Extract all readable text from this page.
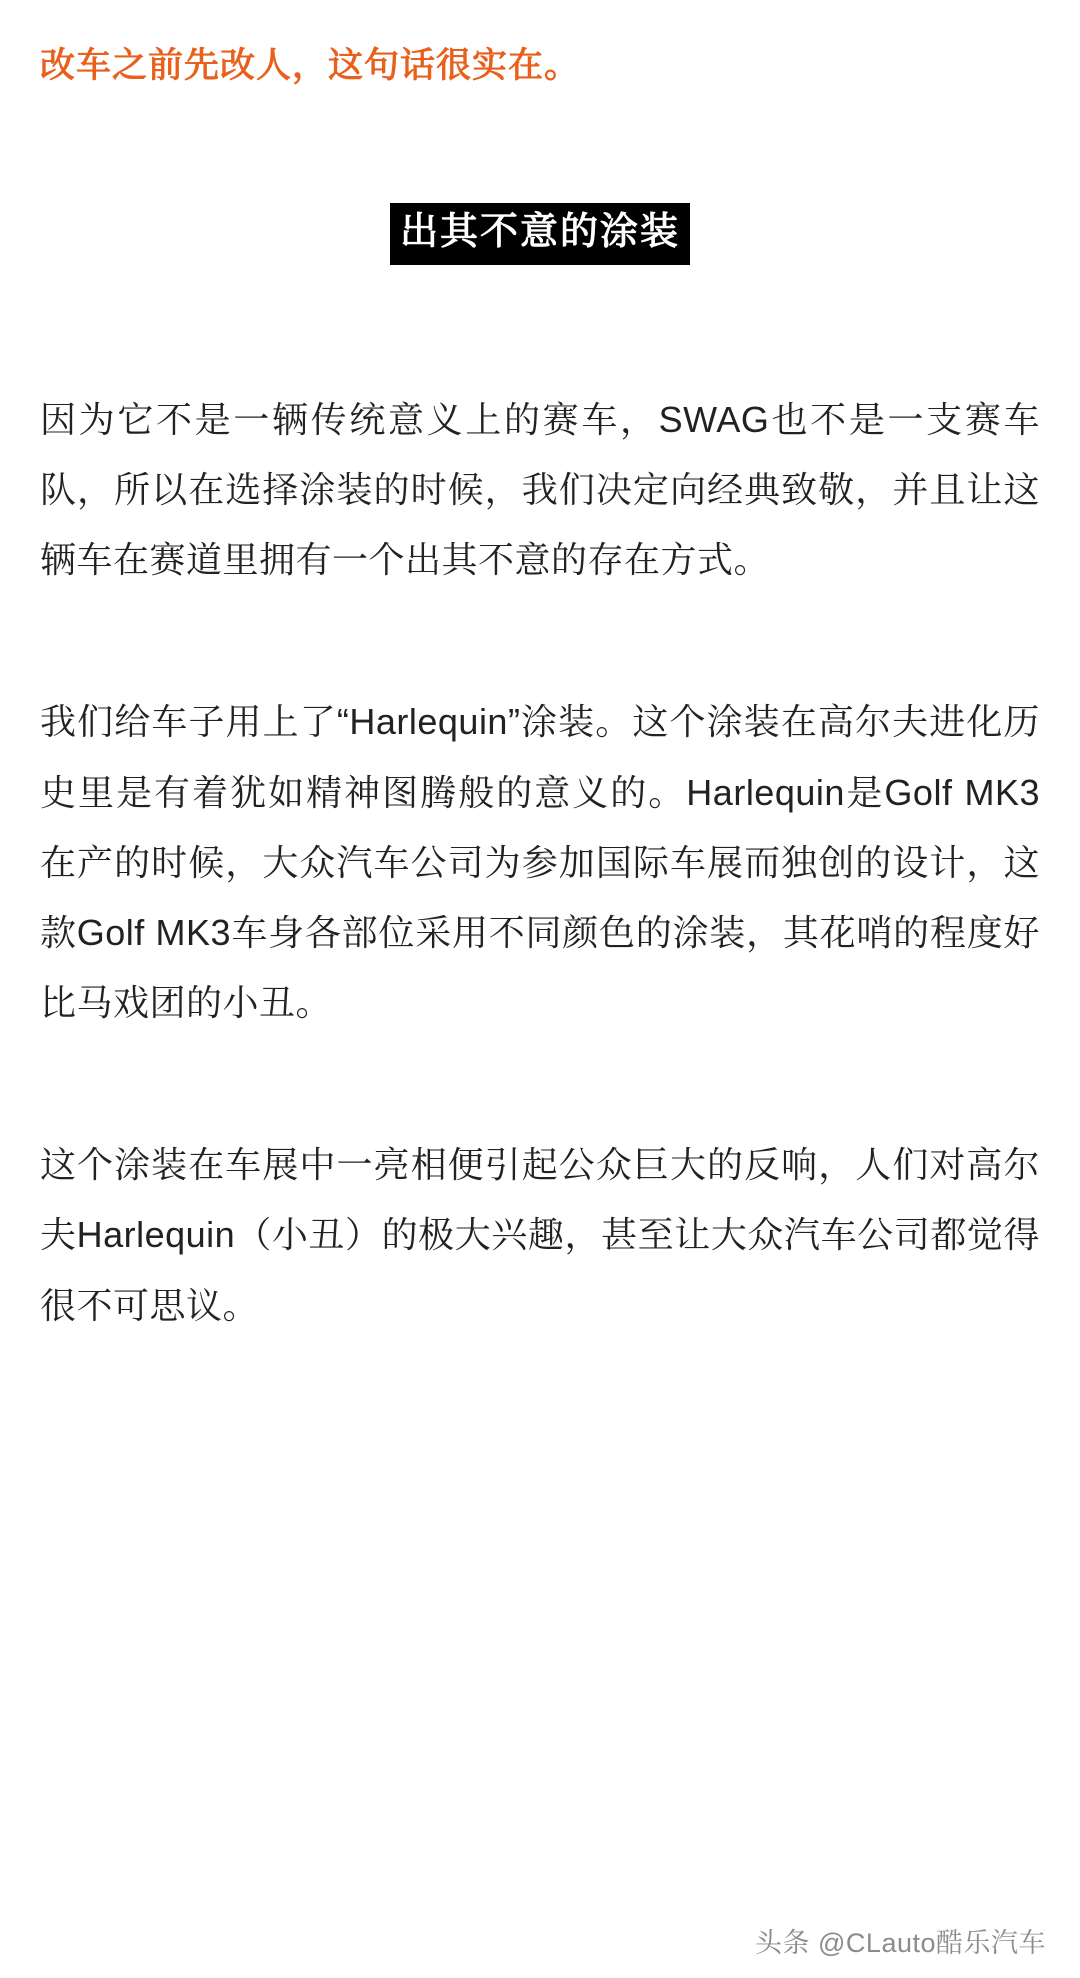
改车之前先改人，这句话很实在。

出其不意的涂装

因为它不是一辆传统意义上的赛车，SWAG也不是一支赛车队，所以在选择涂装的时候，我们决定向经典致敬，并且让这辆车在赛道里拥有一个出其不意的存在方式。

我们给车子用上了“Harlequin”涂装。这个涂装在高尔夫进化历史里是有着犹如精神图腾般的意义的。Harlequin是Golf MK3在产的时候，大众汽车公司为参加国际车展而独创的设计，这款Golf MK3车身各部位采用不同颜色的涂装，其花哨的程度好比马戏团的小丑。

这个涂装在车展中一亮相便引起公众巨大的反响，人们对高尔夫Harlequin（小丑）的极大兴趣，甚至让大众汽车公司都觉得很不可思议。

头条 @CLauto酷乐汽车
